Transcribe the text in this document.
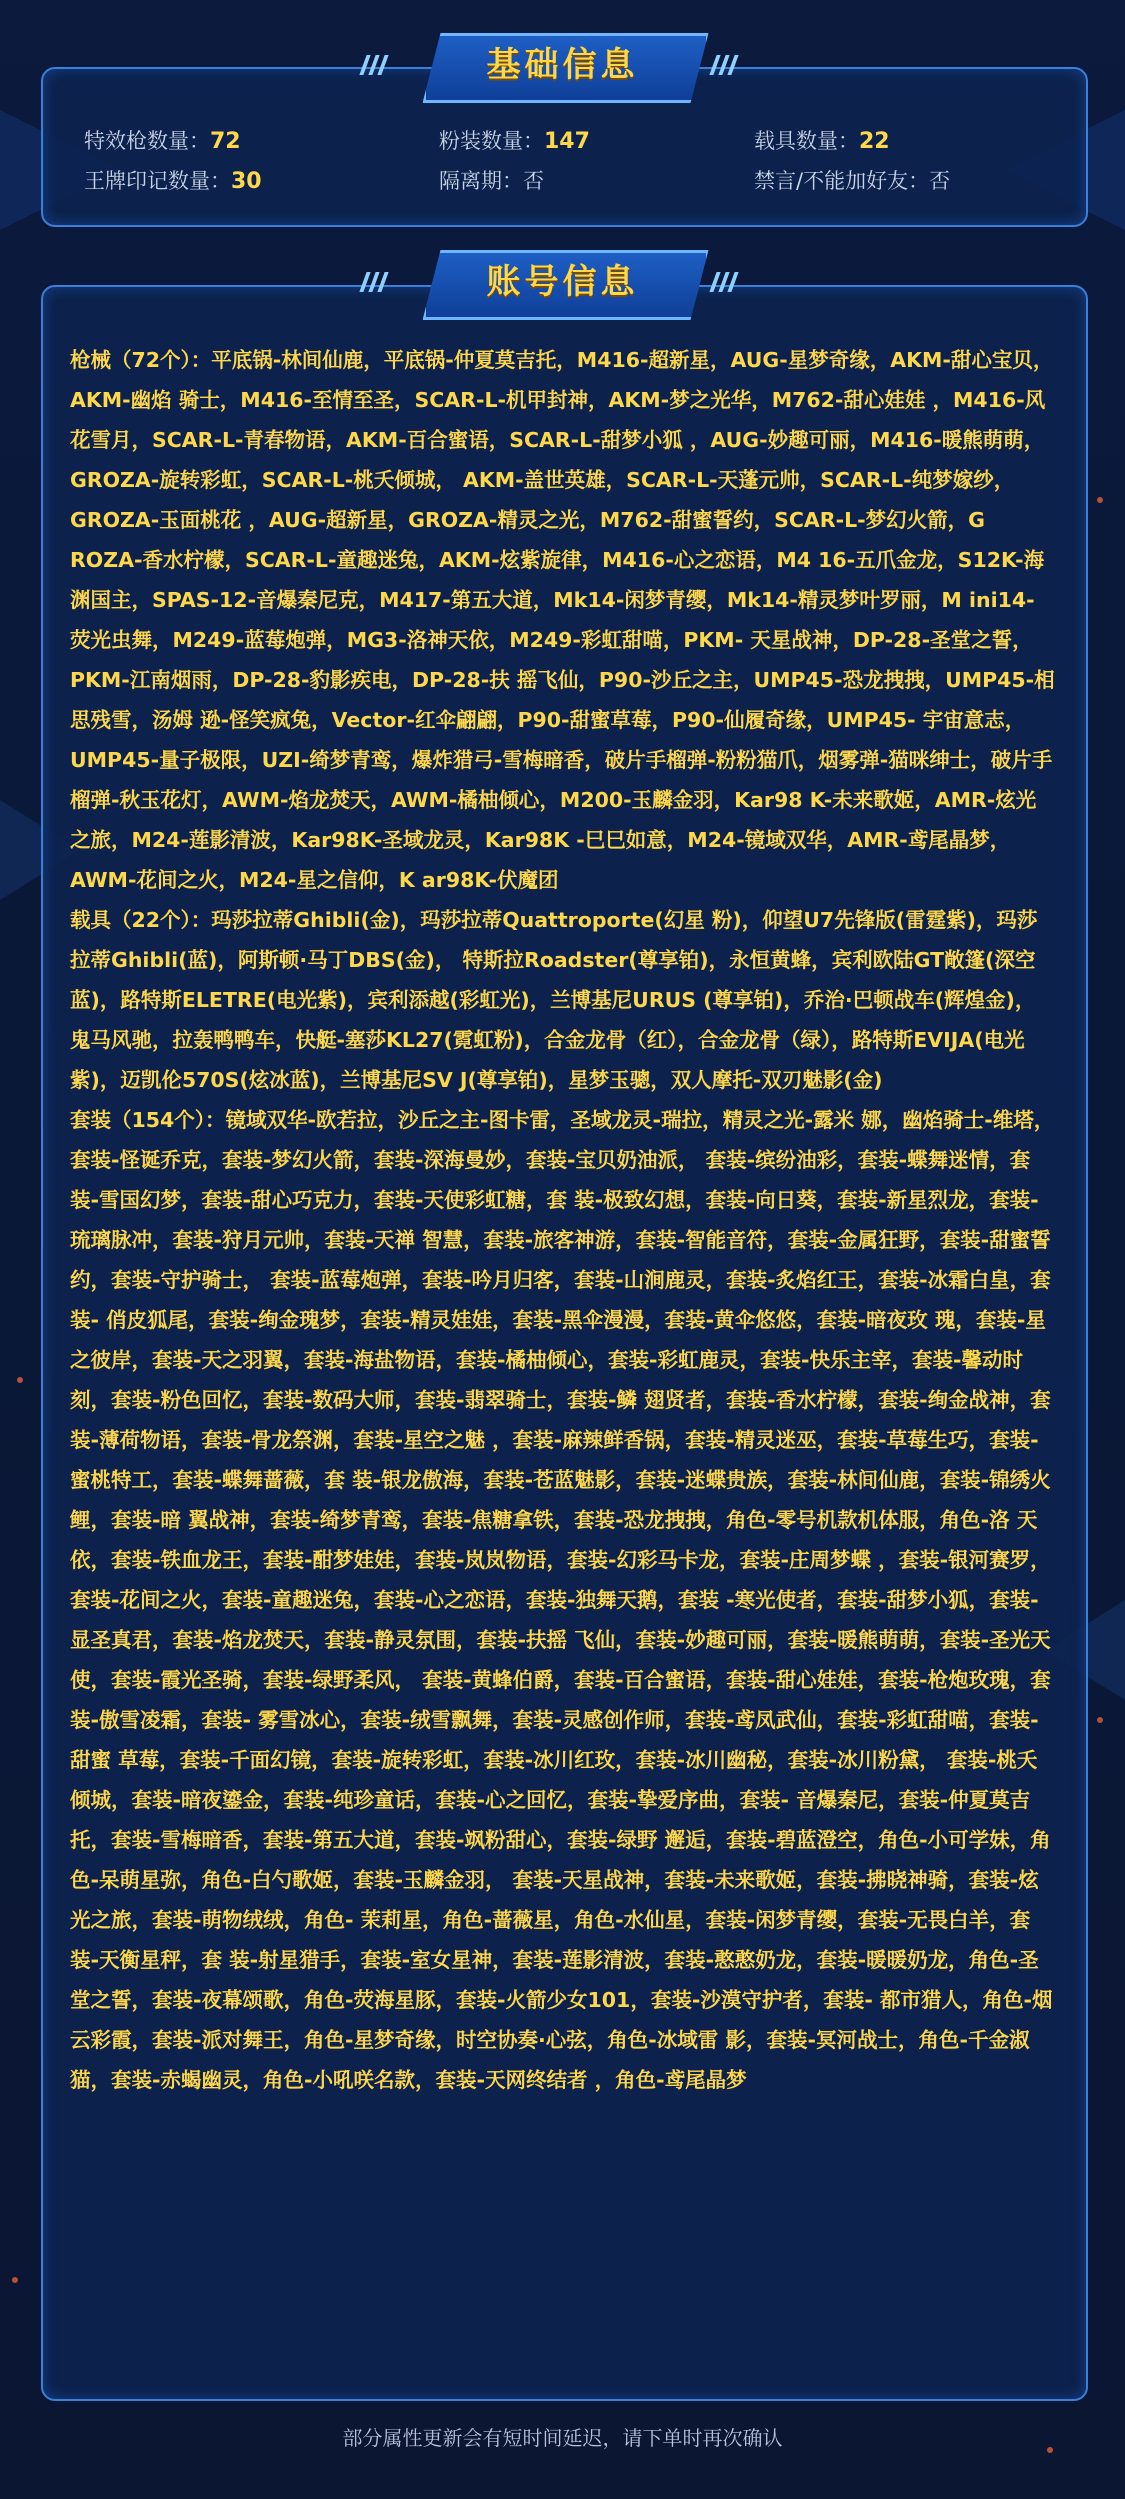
基础信息
特效枪数量：72	粉装数量：147	载具数量：22
王牌印记数量：30	隔离期：否	禁言/不能加好友：否
账号信息

枪械（72个）：平底锅-林间仙鹿，平底锅-仲夏莫吉托，M416-超新星，AUG-星梦奇缘，AKM-甜心宝贝，AKM-幽焰 骑士，M416-至情至圣，SCAR-L-机甲封神，AKM-梦之光华，M762-甜心娃娃 ，M416-风花雪月，SCAR-L-青春物语，AKM-百合蜜语，SCAR-L-甜梦小狐 ，AUG-妙趣可丽，M416-暖熊萌萌，GROZA-旋转彩虹，SCAR-L-桃夭倾城， AKM-盖世英雄，SCAR-L-天蓬元帅，SCAR-L-纯梦嫁纱，GROZA-玉面桃花 ，AUG-超新星，GROZA-精灵之光，M762-甜蜜誓约，SCAR-L-梦幻火箭，G ROZA-香水柠檬，SCAR-L-童趣迷兔，AKM-炫紫旋律，M416-心之恋语，M4 16-五爪金龙，S12K-海渊国主，SPAS-12-音爆秦尼克，M417-第五大道，Mk14-闲梦青缨，Mk14-精灵梦叶罗丽，M ini14-荧光虫舞，M249-蓝莓炮弹，MG3-洛神天依，M249-彩虹甜喵，PKM- 天星战神，DP-28-圣堂之誓，PKM-江南烟雨，DP-28-豹影疾电，DP-28-扶 摇飞仙，P90-沙丘之主，UMP45-恐龙拽拽，UMP45-相思残雪，汤姆 逊-怪笑疯兔，Vector-红伞翩翩，P90-甜蜜草莓，P90-仙履奇缘，UMP45- 宇宙意志，UMP45-量子极限，UZI-绮梦青鸾，爆炸猎弓-雪梅暗香，破片手榴弹-粉粉猫爪，烟雾弹-猫咪绅士，破片手 榴弹-秋玉花灯，AWM-焰龙焚天，AWM-橘柚倾心，M200-玉麟金羽，Kar98 K-未来歌姬，AMR-炫光之旅，M24-莲影清波，Kar98K-圣域龙灵，Kar98K -巳巳如意，M24-镜域双华，AMR-鸢尾晶梦，AWM-花间之火，M24-星之信仰，K ar98K-伏魔团

载具（22个）：玛莎拉蒂Ghibli(金)，玛莎拉蒂Quattroporte(幻星 粉)，仰望U7先锋版(雷霆紫)，玛莎拉蒂Ghibli(蓝)，阿斯顿·马丁DBS(金)， 特斯拉Roadster(尊享铂)，永恒黄蜂，宾利欧陆GT敞篷(深空蓝)，路特斯ELETRE(电光紫)，宾利添越(彩虹光)，兰博基尼URUS (尊享铂)，乔治·巴顿战车(辉煌金)，鬼马风驰，拉轰鸭鸭车，快艇-塞莎KL27(霓虹粉)，合金龙骨（红），合金龙骨（绿），路特斯EVIJA(电光紫)，迈凯伦570S(炫冰蓝)，兰博基尼SV J(尊享铂)，星梦玉骢，双人摩托-双刃魅影(金)

套装（154个）：镜域双华-欧若拉，沙丘之主-图卡雷，圣域龙灵-瑞拉，精灵之光-露米 娜，幽焰骑士-维塔，套装-怪诞乔克，套装-梦幻火箭，套装-深海曼妙，套装-宝贝奶油派， 套装-缤纷油彩，套装-蝶舞迷情，套装-雪国幻梦，套装-甜心巧克力，套装-天使彩虹糖，套 装-极致幻想，套装-向日葵，套装-新星烈龙，套装-琉璃脉冲，套装-狩月元帅，套装-天禅 智慧，套装-旅客神游，套装-智能音符，套装-金属狂野，套装-甜蜜誓约，套装-守护骑士， 套装-蓝莓炮弹，套装-吟月归客，套装-山涧鹿灵，套装-炙焰红王，套装-冰霜白皇，套装- 俏皮狐尾，套装-绚金瑰梦，套装-精灵娃娃，套装-黑伞漫漫，套装-黄伞悠悠，套装-暗夜玫 瑰，套装-星之彼岸，套装-天之羽翼，套装-海盐物语，套装-橘柚倾心，套装-彩虹鹿灵，套装-快乐主宰，套装-馨动时刻，套装-粉色回忆，套装-数码大师，套装-翡翠骑士，套装-鳞 翅贤者，套装-香水柠檬，套装-绚金战神，套装-薄荷物语，套装-骨龙祭渊，套装-星空之魅 ，套装-麻辣鲜香锅，套装-精灵迷巫，套装-草莓生巧，套装-蜜桃特工，套装-蝶舞蔷薇，套 装-银龙傲海，套装-苍蓝魅影，套装-迷蝶贵族，套装-林间仙鹿，套装-锦绣火鲤，套装-暗 翼战神，套装-绮梦青鸾，套装-焦糖拿铁，套装-恐龙拽拽，角色-零号机款机体服，角色-洛 天依，套装-铁血龙王，套装-酣梦娃娃，套装-岚岚物语，套装-幻彩马卡龙，套装-庄周梦蝶 ，套装-银河赛罗，套装-花间之火，套装-童趣迷兔，套装-心之恋语，套装-独舞天鹅，套装 -寒光使者，套装-甜梦小狐，套装-显圣真君，套装-焰龙焚天，套装-静灵氛围，套装-扶摇 飞仙，套装-妙趣可丽，套装-暖熊萌萌，套装-圣光天使，套装-霞光圣骑，套装-绿野柔风， 套装-黄蜂伯爵，套装-百合蜜语，套装-甜心娃娃，套装-枪炮玫瑰，套装-傲雪凌霜，套装- 雾雪冰心，套装-绒雪飘舞，套装-灵感创作师，套装-鸢凤武仙，套装-彩虹甜喵，套装-甜蜜 草莓，套装-千面幻镜，套装-旋转彩虹，套装-冰川红玫，套装-冰川幽秘，套装-冰川粉黛， 套装-桃夭倾城，套装-暗夜鎏金，套装-纯珍童话，套装-心之回忆，套装-挚爱序曲，套装- 音爆秦尼，套装-仲夏莫吉托，套装-雪梅暗香，套装-第五大道，套装-飒粉甜心，套装-绿野 邂逅，套装-碧蓝澄空，角色-小可学妹，角色-呆萌星弥，角色-白勺歌姬，套装-玉麟金羽， 套装-天星战神，套装-未来歌姬，套装-拂晓神骑，套装-炫光之旅，套装-萌物绒绒，角色- 茉莉星，角色-蔷薇星，角色-水仙星，套装-闲梦青缨，套装-无畏白羊，套装-天衡星秤，套 装-射星猎手，套装-室女星神，套装-莲影清波，套装-憨憨奶龙，套装-暖暖奶龙，角色-圣 堂之誓，套装-夜幕颂歌，角色-荧海星豚，套装-火箭少女101，套装-沙漠守护者，套装- 都市猎人，角色-烟云彩霞，套装-派对舞王，角色-星梦奇缘，时空协奏·心弦，角色-冰域雷 影，套装-冥河战士，角色-千金淑猫，套装-赤蝎幽灵，角色-小吼咲名款，套装-天网终结者 ，角色-鸢尾晶梦

部分属性更新会有短时间延迟，请下单时再次确认
